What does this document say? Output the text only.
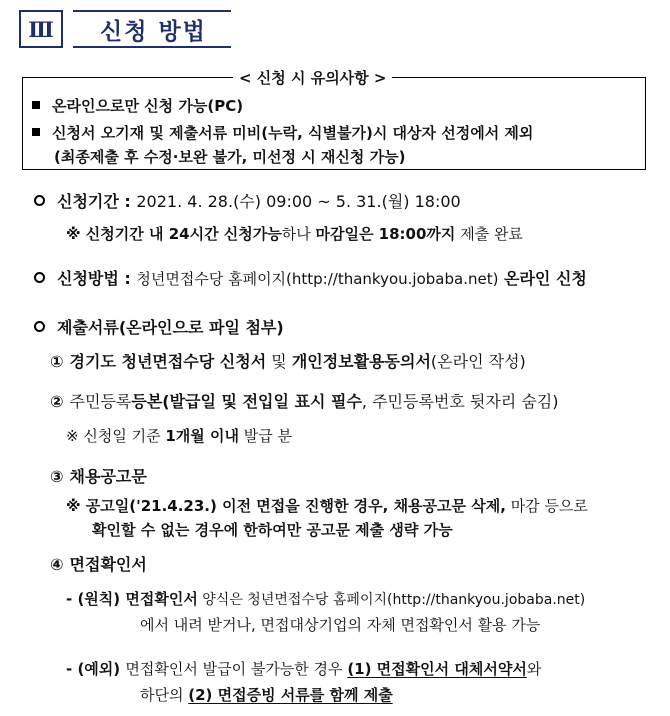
Ⅲ 신청 방법
< 신청 시 유의사항 >
온라인으로만 신청 가능(PC)
신청서 오기재 및 제출서류 미비(누락, 식별불가)시 대상자 선정에서 제외
(최종제출 후 수정·보완 불가, 미선정 시 재신청 가능)
신청기간 : 2021. 4. 28.(수) 09:00 ~ 5. 31.(월) 18:00
※ 신청기간 내 24시간 신청가능하나 마감일은 18:00까지 제출 완료
신청방법 : 청년면접수당 홈페이지(http://thankyou.jobaba.net) 온라인 신청
제출서류(온라인으로 파일 첨부)
① 경기도 청년면접수당 신청서 및 개인정보활용동의서(온라인 작성)
② 주민등록등본(발급일 및 전입일 표시 필수, 주민등록번호 뒷자리 숨김)
※ 신청일 기준 1개월 이내 발급 분
③ 채용공고문
※ 공고일('21.4.23.) 이전 면접을 진행한 경우, 채용공고문 삭제, 마감 등으로
확인할 수 없는 경우에 한하여만 공고문 제출 생략 가능
④ 면접확인서
- (원칙) 면접확인서 양식은 청년면접수당 홈페이지(http://thankyou.jobaba.net)
에서 내려 받거나, 면접대상기업의 자체 면접확인서 활용 가능
- (예외) 면접확인서 발급이 불가능한 경우 (1) 면접확인서 대체서약서와
하단의 (2) 면접증빙 서류를 함께 제출
